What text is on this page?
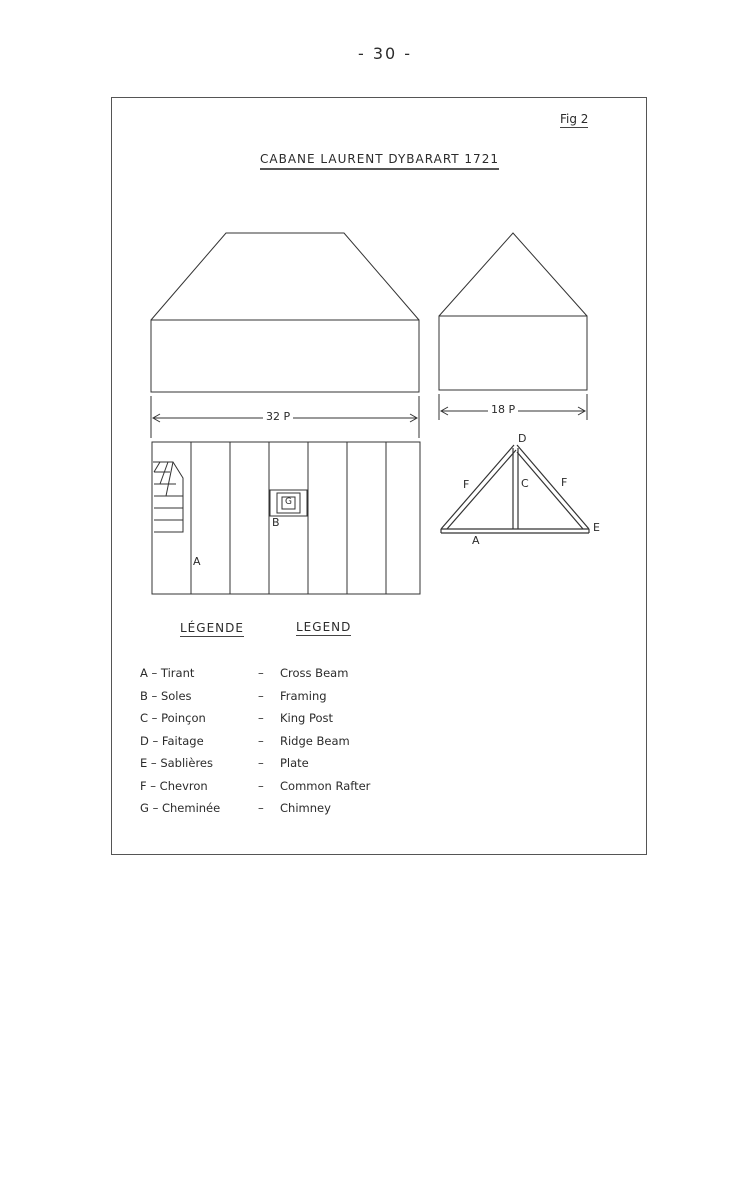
- 30 -
Fig 2
CABANE LAURENT DYBARART 1721
32 P
18 P
A
B
G
D
C
F	F
E
A
LÉGENDE	LEGEND
A – Tirant	– Cross Beam
B – Soles	– Framing
C – Poinçon	– King Post
D – Faitage	– Ridge Beam
E – Sablières	– Plate
F – Chevron	– Common Rafter
G – Cheminée	– Chimney
